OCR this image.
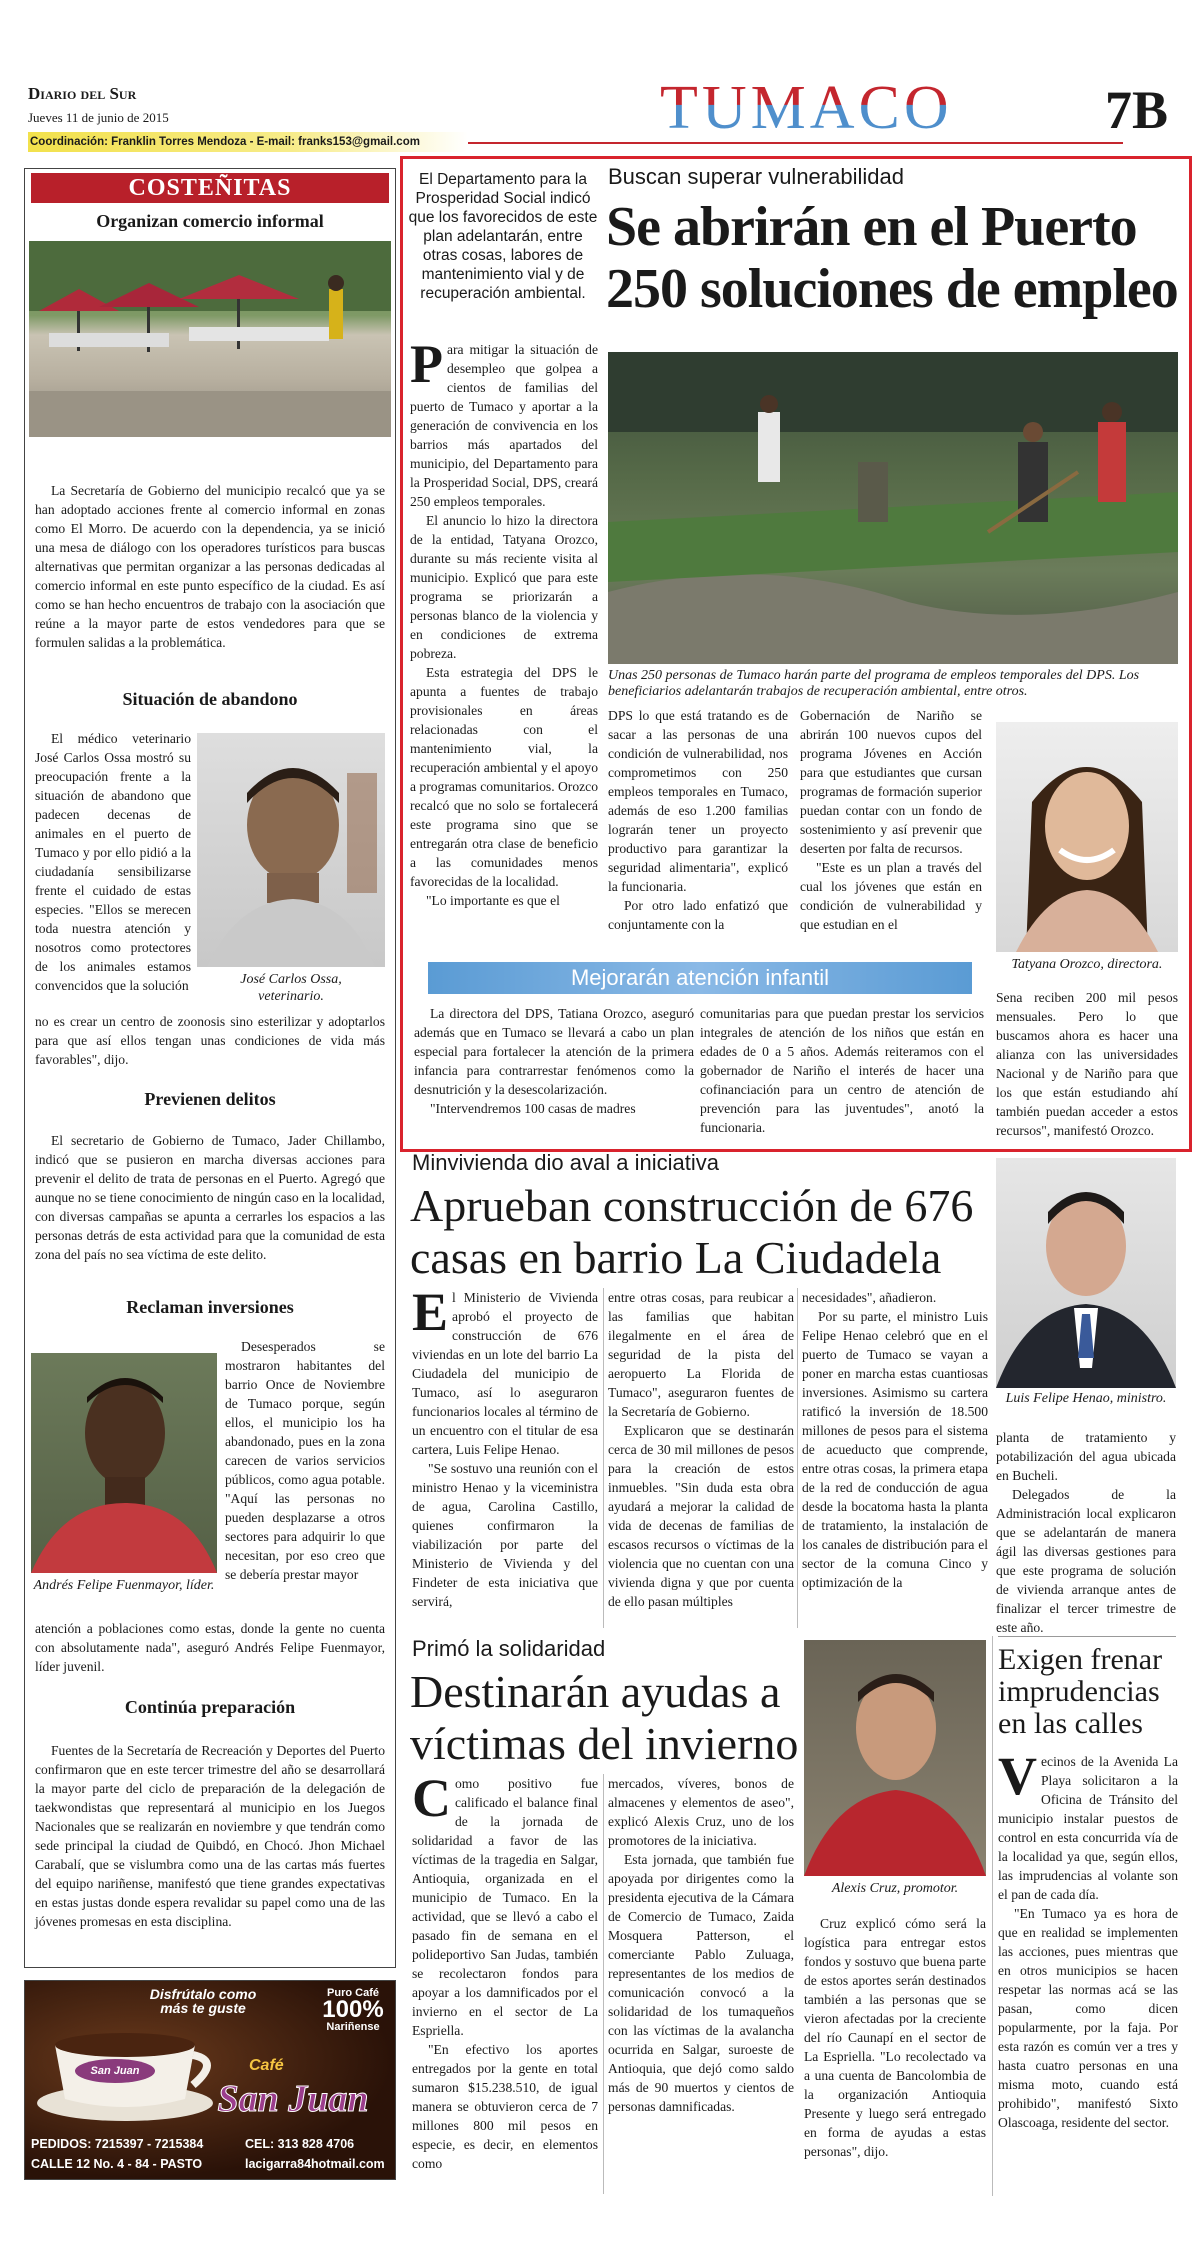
Diario del Sur
Jueves 11 de junio de 2015
Coordinación: Franklin Torres Mendoza - E-mail: franks153@gmail.com	TUMACO	7B
COSTEÑITAS
Organizan comercio informal

La Secretaría de Gobierno del municipio recalcó que ya se han adoptado acciones frente al comercio informal en zonas como El Morro. De acuerdo con la dependencia, ya se inició una mesa de diálogo con los operadores turísticos para buscas alternativas que permitan organizar a las personas dedicadas al comercio informal en este punto específico de la ciudad. Es así como se han hecho encuentros de trabajo con la asociación que reúne a la mayor parte de estos vendedores para que se formulen salidas a la problemática.

Situación de abandono
José Carlos Ossa, veterinario.

El médico veterinario José Carlos Ossa mostró su preocupación frente a la situación de abandono que padecen decenas de animales en el puerto de Tumaco y por ello pidió a la ciudadanía sensibilizarse frente el cuidado de estas especies. "Ellos se merecen toda nuestra atención y nosotros como protectores de los animales estamos convencidos que la solución

no es crear un centro de zoonosis sino esterilizar y adoptarlos para que así ellos tengan unas condiciones de vida más favorables", dijo.

Previenen delitos

El secretario de Gobierno de Tumaco, Jader Chillambo, indicó que se pusieron en marcha diversas acciones para prevenir el delito de trata de personas en el Puerto. Agregó que aunque no se tiene conocimiento de ningún caso en la localidad, con diversas campañas se apunta a cerrarles los espacios a las personas detrás de esta actividad para que la comunidad de esta zona del país no sea víctima de este delito.

Reclaman inversiones
Andrés Felipe Fuenmayor, líder.

Desesperados se mostraron habitantes del barrio Once de Noviembre de Tumaco porque, según ellos, el municipio los ha abandonado, pues en la zona carecen de varios servicios públicos, como agua potable. "Aquí las personas no pueden desplazarse a otros sectores para adquirir lo que necesitan, por eso creo que se debería prestar mayor

atención a poblaciones como estas, donde la gente no cuenta con absolutamente nada", aseguró Andrés Felipe Fuenmayor, líder juvenil.

Continúa preparación

Fuentes de la Secretaría de Recreación y Deportes del Puerto confirmaron que en este tercer trimestre del año se desarrollará la mayor parte del ciclo de preparación de la delegación de taekwondistas que representará al municipio en los Juegos Nacionales que se realizarán en noviembre y que tendrán como sede principal la ciudad de Quibdó, en Chocó. Jhon Michael Carabalí, que se vislumbra como una de las cartas más fuertes del equipo nariñense, manifestó que tiene grandes expectativas en estas justas donde espera revalidar su papel como una de las jóvenes promesas en esta disciplina.

Disfrútalo como más te guste
Puro Café
100%
Nariñense
San Juan	Café
San Juan
PEDIDOS: 7215397 - 7215384	CEL: 313 828 4706
CALLE 12 No. 4 - 84 - PASTO	lacigarra84hotmail.com
El Departamento para la Prosperidad Social indicó que los favorecidos de este plan adelantarán, entre otras cosas, labores de mantenimiento vial y de recuperación ambiental.
Buscan superar vulnerabilidad
Se abrirán en el Puerto 250 soluciones de empleo
Unas 250 personas de Tumaco harán parte del programa de empleos temporales del DPS. Los beneficiarios adelantarán trabajos de recuperación ambiental, entre otros.

Para mitigar la situación de desempleo que golpea a cientos de familias del puerto de Tumaco y aportar a la generación de convivencia en los barrios más apartados del municipio, del Departamento para la Prosperidad Social, DPS, creará 250 empleos temporales.

El anuncio lo hizo la directora de la entidad, Tatyana Orozco, durante su más reciente visita al municipio. Explicó que para este programa se priorizarán a personas blanco de la violencia y en condiciones de extrema pobreza.

Esta estrategia del DPS le apunta a fuentes de trabajo provisionales en áreas relacionadas con el mantenimiento vial, la recuperación ambiental y el apoyo a programas comunitarios. Orozco recalcó que no solo se fortalecerá este programa sino que se entregarán otra clase de beneficio a las comunidades menos favorecidas de la localidad.

"Lo importante es que el

DPS lo que está tratando es de sacar a las personas de una condición de vulnerabilidad, nos comprometimos con 250 empleos temporales en Tumaco, además de eso 1.200 familias lograrán tener un proyecto productivo para garantizar la seguridad alimentaria", explicó la funcionaria.

Por otro lado enfatizó que conjuntamente con la

Gobernación de Nariño se abrirán 100 nuevos cupos del programa Jóvenes en Acción para que estudiantes que cursan programas de formación superior puedan contar con un fondo de sostenimiento y así prevenir que deserten por falta de recursos.

"Este es un plan a través del cual los jóvenes que están en condición de vulnerabilidad y que estudian en el

Tatyana Orozco, directora.

Sena reciben 200 mil pesos mensuales. Pero lo que buscamos ahora es hacer una alianza con las universidades Nacional y de Nariño para que los que están estudiando ahí también puedan acceder a estos recursos", manifestó Orozco.

Mejorarán atención infantil

La directora del DPS, Tatiana Orozco, aseguró además que en Tumaco se llevará a cabo un plan especial para fortalecer la atención de la primera infancia para contrarrestar fenómenos como la desnutrición y la desescolarización.

"Intervendremos 100 casas de madres

comunitarias para que puedan prestar los servicios integrales de atención de los niños que están en edades de 0 a 5 años. Además reiteramos con el gobernador de Nariño el interés de hacer una cofinanciación para un centro de atención de prevención para las juventudes", anotó la funcionaria.

Minvivienda dio aval a iniciativa
Aprueban construcción de 676 casas en barrio La Ciudadela

El Ministerio de Vivienda aprobó el proyecto de construcción de 676 viviendas en un lote del barrio La Ciudadela del municipio de Tumaco, así lo aseguraron funcionarios locales al término de un encuentro con el titular de esa cartera, Luis Felipe Henao.

"Se sostuvo una reunión con el ministro Henao y la viceministra de agua, Carolina Castillo, quienes confirmaron la viabilización por parte del Ministerio de Vivienda y del Findeter de esta iniciativa que servirá,

entre otras cosas, para reubicar a las familias que habitan ilegalmente en el área de seguridad de la pista del aeropuerto La Florida de Tumaco", aseguraron fuentes de la Secretaría de Gobierno.

Explicaron que se destinarán cerca de 30 mil millones de pesos para la creación de estos inmuebles. "Sin duda esta obra ayudará a mejorar la calidad de vida de decenas de familias de escasos recursos o víctimas de la violencia que no cuentan con una vivienda digna y que por cuenta de ello pasan múltiples

necesidades", añadieron.

Por su parte, el ministro Luis Felipe Henao celebró que en el puerto de Tumaco se vayan a poner en marcha estas cuantiosas inversiones. Asimismo su cartera ratificó la inversión de 18.500 millones de pesos para el sistema de acueducto que comprende, entre otras cosas, la primera etapa de la red de conducción de agua desde la bocatoma hasta la planta de tratamiento, la instalación de los canales de distribución para el sector de la comuna Cinco y optimización de la

Luis Felipe Henao, ministro.

planta de tratamiento y potabilización del agua ubicada en Bucheli.

Delegados de la Administración local explicaron que se adelantarán de manera ágil las diversas gestiones para que este programa de solución de vivienda arranque antes de finalizar el tercer trimestre de este año.

Primó la solidaridad
Destinarán ayudas a víctimas del invierno

Como positivo fue calificado el balance final de la jornada de solidaridad a favor de las víctimas de la tragedia en Salgar, Antioquia, organizada en el municipio de Tumaco. En la actividad, que se llevó a cabo el pasado fin de semana en el polideportivo San Judas, también se recolectaron fondos para apoyar a los damnificados por el invierno en el sector de La Espriella.

"En efectivo los aportes entregados por la gente en total sumaron $15.238.510, de igual manera se obtuvieron cerca de 7 millones 800 mil pesos en especie, es decir, en elementos como

mercados, víveres, bonos de almacenes y elementos de aseo", explicó Alexis Cruz, uno de los promotores de la iniciativa.

Esta jornada, que también fue apoyada por dirigentes como la presidenta ejecutiva de la Cámara de Comercio de Tumaco, Zaida Mosquera Patterson, el comerciante Pablo Zuluaga, representantes de los medios de comunicación convocó a la solidaridad de los tumaqueños con las víctimas de la avalancha ocurrida en Salgar, suroeste de Antioquia, que dejó como saldo más de 90 muertos y cientos de personas damnificadas.

Alexis Cruz, promotor.

Cruz explicó cómo será la logística para entregar estos fondos y sostuvo que buena parte de estos aportes serán destinados también a las personas que se vieron afectadas por la creciente del río Caunapí en el sector de La Espriella. "Lo recolectado va a una cuenta de Bancolombia de la organización Antioquia Presente y luego será entregado en forma de ayudas a estas personas", dijo.

Exigen frenar imprudencias en las calles

Vecinos de la Avenida La Playa solicitaron a la Oficina de Tránsito del municipio instalar puestos de control en esta concurrida vía de la localidad ya que, según ellos, las imprudencias al volante son el pan de cada día.

"En Tumaco ya es hora de que en realidad se implementen las acciones, pues mientras que en otros municipios se hacen respetar las normas acá se las pasan, como dicen popularmente, por la faja. Por esta razón es común ver a tres y hasta cuatro personas en una misma moto, cuando está prohibido", manifestó Sixto Olascoaga, residente del sector.
